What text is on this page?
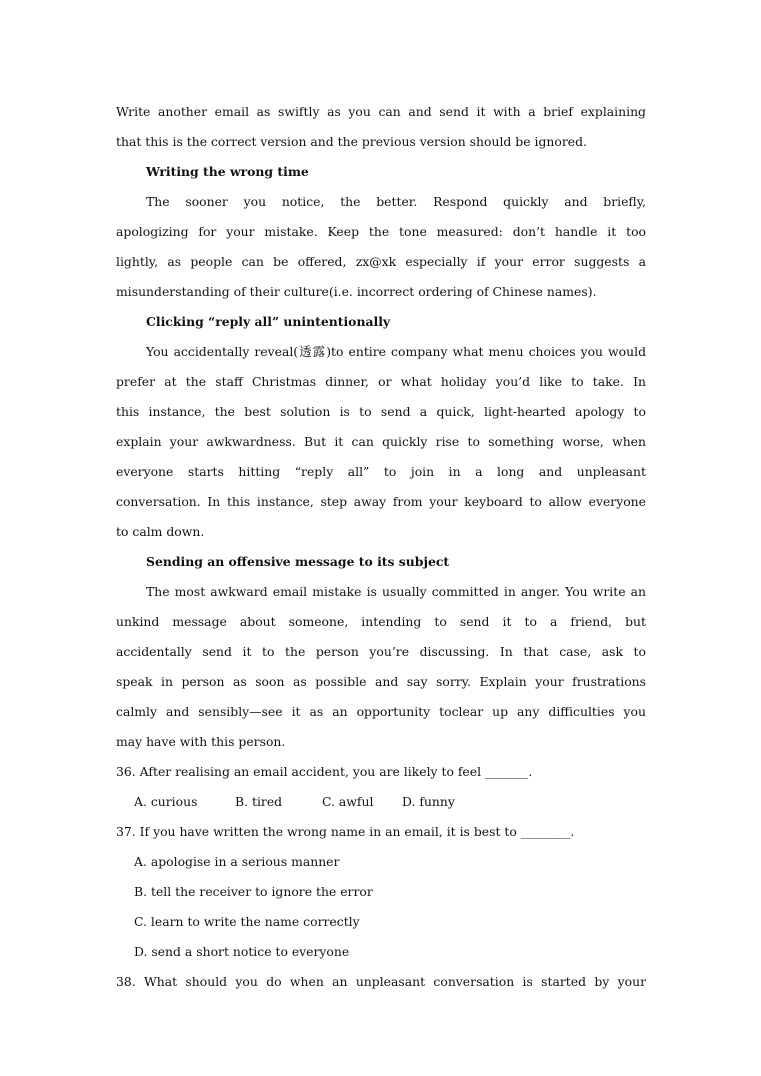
Write another email as swiftly as you can and send it with a brief explaining
that this is the correct version and the previous version should be ignored.
Writing the wrong time
The sooner you notice, the better. Respond quickly and briefly,
apologizing for your mistake. Keep the tone measured: don’t handle it too
lightly, as people can be offered, zx@xk especially if your error suggests a
misunderstanding of their culture(i.e. incorrect ordering of Chinese names).
Clicking “reply all” unintentionally
You accidentally reveal(透露)to entire company what menu choices you would
prefer at the staff Christmas dinner, or what holiday you’d like to take. In
this instance, the best solution is to send a quick, light-hearted apology to
explain your awkwardness. But it can quickly rise to something worse, when
everyone starts hitting “reply all” to join in a long and unpleasant
conversation. In this instance, step away from your keyboard to allow everyone
to calm down.
Sending an offensive message to its subject
The most awkward email mistake is usually committed in anger. You write an
unkind message about someone, intending to send it to a friend, but
accidentally send it to the person you’re discussing. In that case, ask to
speak in person as soon as possible and say sorry. Explain your frustrations
calmly and sensibly—see it as an opportunity toclear up any difficulties you
may have with this person.
36. After realising an email accident, you are likely to feel _______.
A. curious	B. tired	C. awful D. funny
37. If you have written the wrong name in an email, it is best to ________.
A. apologise in a serious manner
B. tell the receiver to ignore the error
C. learn to write the name correctly
D. send a short notice to everyone
38. What should you do when an unpleasant conversation is started by your
